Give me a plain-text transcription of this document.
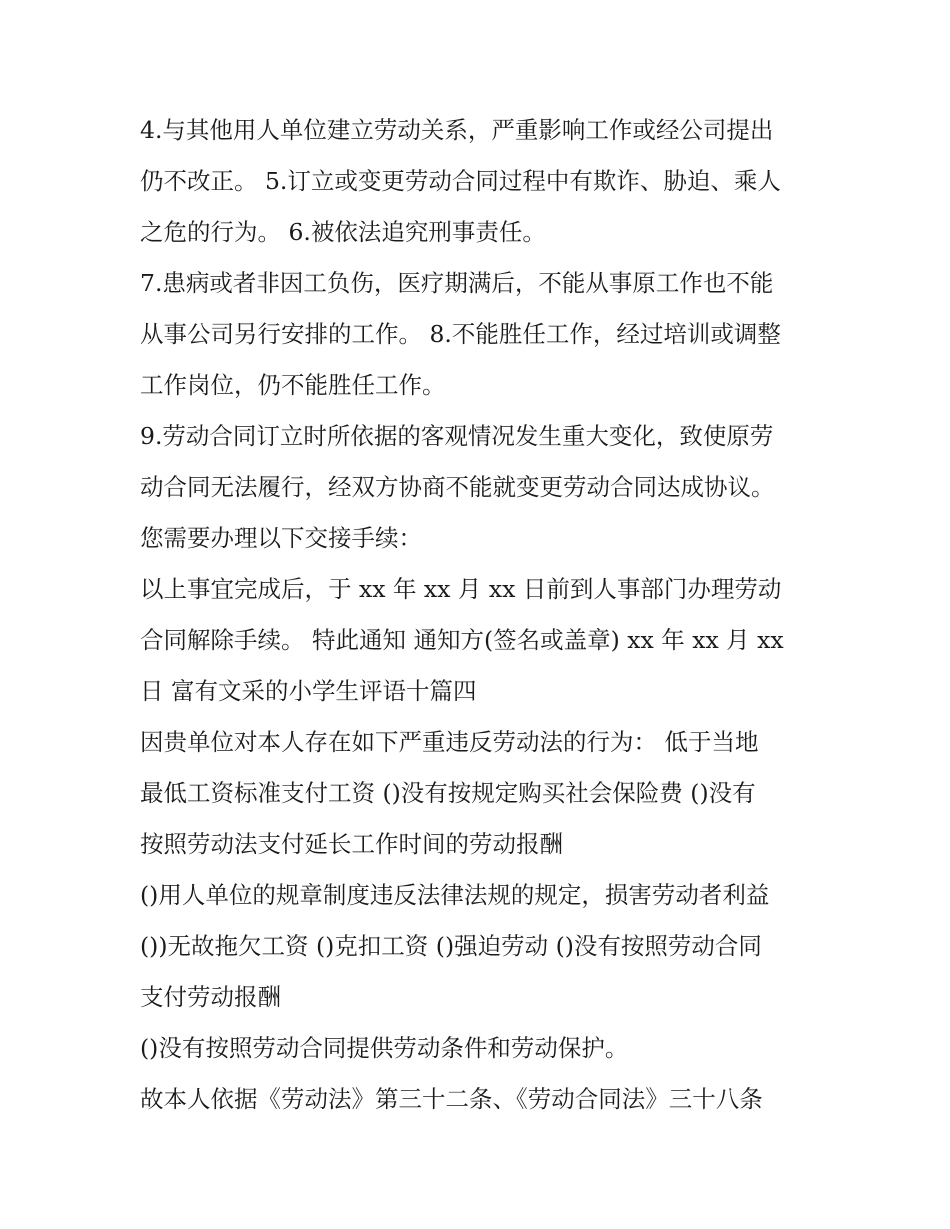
4.与其他用人单位建立劳动关系，严重影响工作或经公司提出
仍不改正。 5.订立或变更劳动合同过程中有欺诈、胁迫、乘人
之危的行为。 6.被依法追究刑事责任。
7.患病或者非因工负伤，医疗期满后，不能从事原工作也不能
从事公司另行安排的工作。 8.不能胜任工作，经过培训或调整
工作岗位，仍不能胜任工作。
9.劳动合同订立时所依据的客观情况发生重大变化，致使原劳
动合同无法履行，经双方协商不能就变更劳动合同达成协议。
您需要办理以下交接手续：
以上事宜完成后，于 xx 年 xx 月 xx 日前到人事部门办理劳动
合同解除手续。 特此通知 通知方(签名或盖章) xx 年 xx 月 xx
日 富有文采的小学生评语十篇四
因贵单位对本人存在如下严重违反劳动法的行为： 低于当地
最低工资标准支付工资 ()没有按规定购买社会保险费 ()没有
按照劳动法支付延长工作时间的劳动报酬
()用人单位的规章制度违反法律法规的规定，损害劳动者利益
())无故拖欠工资 ()克扣工资 ()强迫劳动 ()没有按照劳动合同
支付劳动报酬
()没有按照劳动合同提供劳动条件和劳动保护。
故本人依据《劳动法》第三十二条、《劳动合同法》三十八条
